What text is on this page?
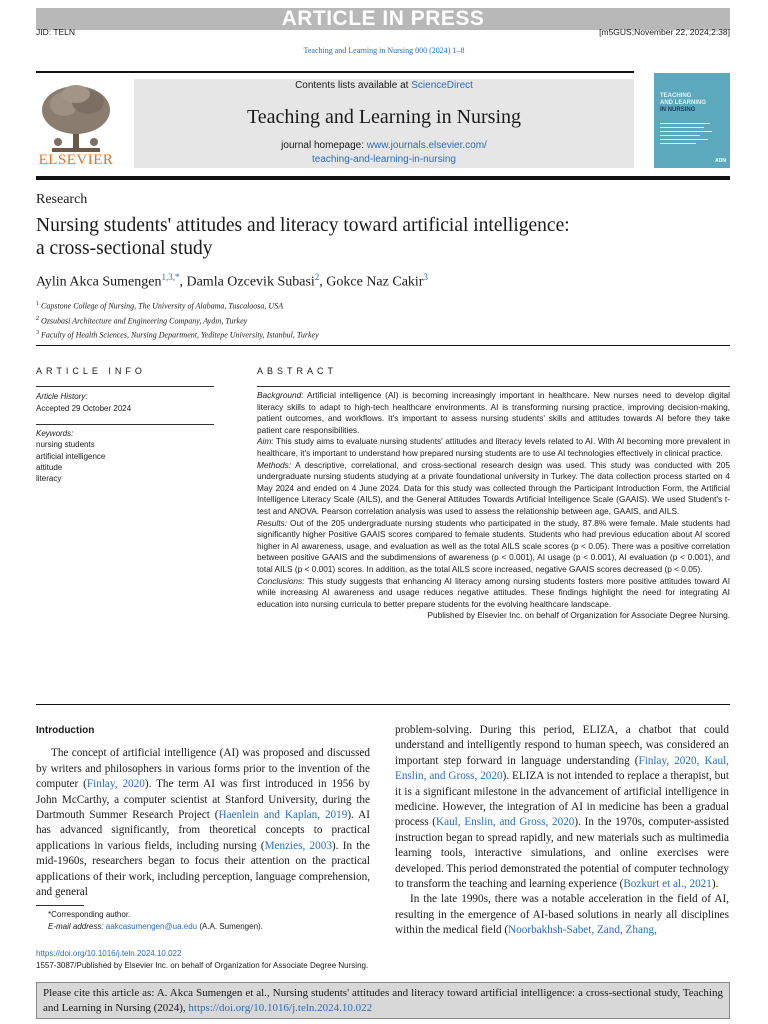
ARTICLE IN PRESS
JID: TELN	[m5GUS;November 22, 2024;2:38]
Teaching and Learning in Nursing 000 (2024) 1–8
ELSEVIER
Contents lists available at ScienceDirect
Teaching and Learning in Nursing
journal homepage: www.journals.elsevier.com/
teaching-and-learning-in-nursing
TEACHING
AND LEARNING
IN NURSING
ADN
Research
Nursing students' attitudes and literacy toward artificial intelligence:
a cross-sectional study
Aylin Akca Sumengen$^{1,3,*}$, Damla Ozcevik Subasi$^2$, Gokce Naz Cakir$^3$
$^1$ Capstone College of Nursing, The University of Alabama, Tuscaloosa, USA
$^2$ Ozsubasi Architecture and Engineering Company, Aydın, Turkey
$^3$ Faculty of Health Sciences, Nursing Department, Yeditepe University, Istanbul, Turkey
ARTICLE INFO
Article History:
Accepted 29 October 2024
Keywords:
nursing students
artificial intelligence
attitude
literacy
ABSTRACT

Background: Artificial intelligence (AI) is becoming increasingly important in healthcare. New nurses need to develop digital literacy skills to adapt to high-tech healthcare environments. AI is transforming nursing practice, improving decision-making, patient outcomes, and workflows. It's important to assess nursing students' skills and attitudes towards AI before they take patient care responsibilities.

Aim: This study aims to evaluate nursing students' attitudes and literacy levels related to AI. With AI becoming more prevalent in healthcare, it's important to understand how prepared nursing students are to use AI technologies effectively in clinical practice.

Methods: A descriptive, correlational, and cross-sectional research design was used. This study was conducted with 205 undergraduate nursing students studying at a private foundational university in Turkey. The data collection process started on 4 May 2024 and ended on 4 June 2024. Data for this study was collected through the Participant Introduction Form, the Artificial Intelligence Literacy Scale (AILS), and the General Attitudes Towards Artificial Intelligence Scale (GAAIS). We used Student's t-test and ANOVA. Pearson correlation analysis was used to assess the relationship between age, GAAIS, and AILS.

Results: Out of the 205 undergraduate nursing students who participated in the study, 87.8% were female. Male students had significantly higher Positive GAAIS scores compared to female students. Students who had previous education about AI scored higher in AI awareness, usage, and evaluation as well as the total AILS scale scores (p < 0.05). There was a positive correlation between positive GAAIS and the subdimensions of awareness (p < 0.001), AI usage (p < 0.001), AI evaluation (p < 0.001), and total AILS (p < 0.001) scores. In addition, as the total AILS score increased, negative GAAIS scores decreased (p < 0.05).

Conclusions: This study suggests that enhancing AI literacy among nursing students fosters more positive attitudes toward AI while increasing AI awareness and usage reduces negative attitudes. These findings highlight the need for integrating AI education into nursing curricula to better prepare students for the evolving healthcare landscape.

Published by Elsevier Inc. on behalf of Organization for Associate Degree Nursing.

Introduction

The concept of artificial intelligence (AI) was proposed and discussed by writers and philosophers in various forms prior to the invention of the computer (Finlay, 2020). The term AI was first introduced in 1956 by John McCarthy, a computer scientist at Stanford University, during the Dartmouth Summer Research Project (Haenlein and Kaplan, 2019). AI has advanced significantly, from theoretical concepts to practical applications in various fields, including nursing (Menzies, 2003). In the mid-1960s, researchers began to focus their attention on the practical applications of their work, including perception, language comprehension, and general

problem-solving. During this period, ELIZA, a chatbot that could understand and intelligently respond to human speech, was considered an important step forward in language understanding (Finlay, 2020, Kaul, Enslin, and Gross, 2020). ELIZA is not intended to replace a therapist, but it is a significant milestone in the advancement of artificial intelligence in medicine. However, the integration of AI in medicine has been a gradual process (Kaul, Enslin, and Gross, 2020). In the 1970s, computer-assisted instruction began to spread rapidly, and new materials such as multimedia learning tools, interactive simulations, and online exercises were developed. This period demonstrated the potential of computer technology to transform the teaching and learning experience (Bozkurt et al., 2021).

In the late 1990s, there was a notable acceleration in the field of AI, resulting in the emergence of AI-based solutions in nearly all disciplines within the medical field (Noorbakhsh-Sabet, Zand, Zhang,

*Corresponding author.
E-mail address: aakcasumengen@ua.edu (A.A. Sumengen).
https://doi.org/10.1016/j.teln.2024.10.022
1557-3087/Published by Elsevier Inc. on behalf of Organization for Associate Degree Nursing.
Please cite this article as: A. Akca Sumengen et al., Nursing students' attitudes and literacy toward artificial intelligence: a cross-sectional study, Teaching and Learning in Nursing (2024), https://doi.org/10.1016/j.teln.2024.10.022
